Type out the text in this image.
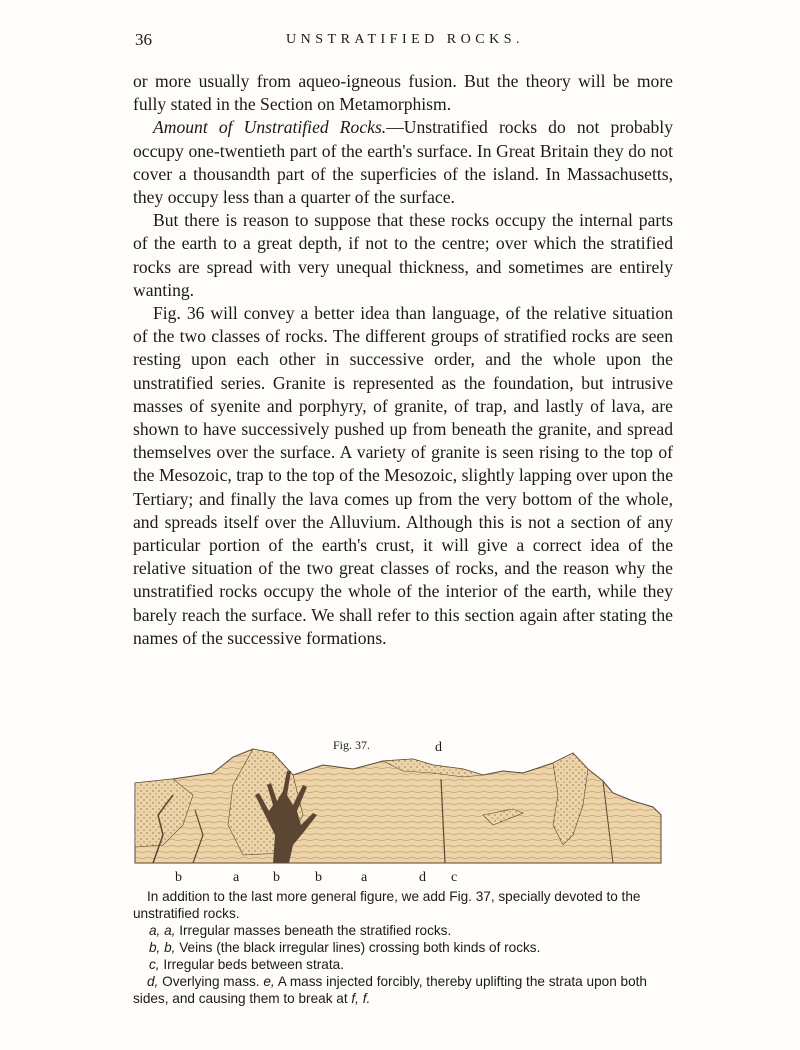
36	UNSTRATIFIED ROCKS.

or more usually from aqueo-igneous fusion. But the theory will be more fully stated in the Section on Metamorphism.

Amount of Unstratified Rocks.—Unstratified rocks do not probably occupy one-twentieth part of the earth's surface. In Great Britain they do not cover a thousandth part of the superficies of the island. In Massachusetts, they occupy less than a quarter of the surface.

But there is reason to suppose that these rocks occupy the internal parts of the earth to a great depth, if not to the centre; over which the stratified rocks are spread with very unequal thickness, and sometimes are entirely wanting.

Fig. 36 will convey a better idea than language, of the relative situation of the two classes of rocks. The different groups of stratified rocks are seen resting upon each other in successive order, and the whole upon the unstratified series. Granite is represented as the foundation, but intrusive masses of syenite and porphyry, of granite, of trap, and lastly of lava, are shown to have successively pushed up from beneath the granite, and spread themselves over the surface. A variety of granite is seen rising to the top of the Mesozoic, trap to the top of the Mesozoic, slightly lapping over upon the Tertiary; and finally the lava comes up from the very bottom of the whole, and spreads itself over the Alluvium. Although this is not a section of any particular portion of the earth's crust, it will give a correct idea of the relative situation of the two great classes of rocks, and the reason why the unstratified rocks occupy the whole of the interior of the earth, while they barely reach the surface. We shall refer to this section again after stating the names of the successive formations.

Fig. 37.	d
b	a b	b	a	d c

In addition to the last more general figure, we add Fig. 37, specially devoted to the unstratified rocks.

a, a, Irregular masses beneath the stratified rocks.

b, b, Veins (the black irregular lines) crossing both kinds of rocks.

c, Irregular beds between strata.

d, Overlying mass. e, A mass injected forcibly, thereby uplifting the strata upon both sides, and causing them to break at f, f.
